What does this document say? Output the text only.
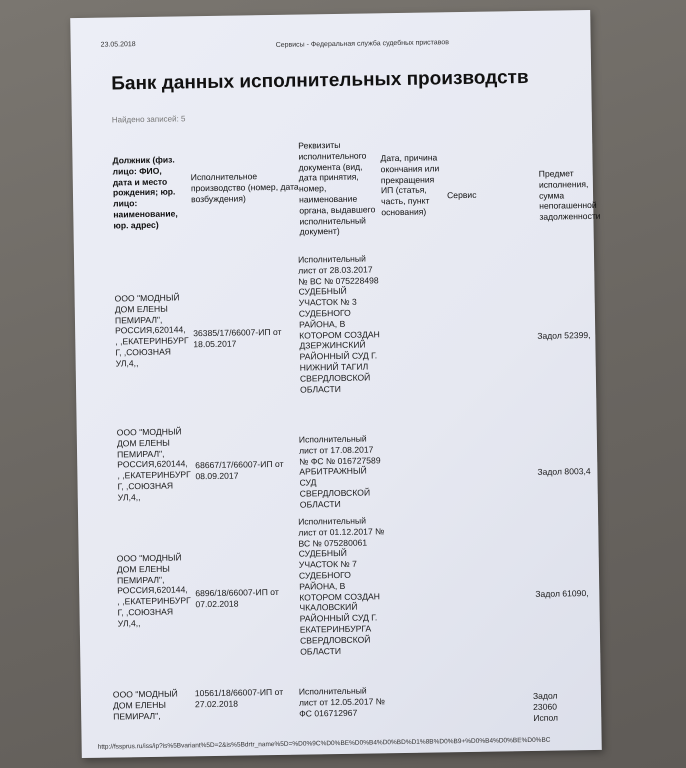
23.05.2018	Сервисы - Федеральная служба судебных приставов
Банк данных исполнительных производств
Найдено записей: 5
Должник (физ. лицо: ФИО, дата и место рождения; юр. лицо: наименование, юр. адрес)
Исполнительное производство (номер, дата возбуждения)
Реквизиты исполнительного документа (вид, дата принятия, номер, наименование органа, выдавшего исполнительный документ)
Дата, причина окончания или прекращения ИП (статья, часть, пункт основания)
Сервис
Предмет исполнения, сумма непогашенной задолженности
ООО "МОДНЫЙ ДОМ ЕЛЕНЫ ПЕМИРАЛ", РОССИЯ,620144, , ,ЕКАТЕРИНБУРГ Г, ,СОЮЗНАЯ УЛ,4,,
36385/17/66007-ИП от 18.05.2017
Исполнительный лист от 28.03.2017 № ВС № 075228498 СУДЕБНЫЙ УЧАСТОК № 3 СУДЕБНОГО РАЙОНА, В КОТОРОМ СОЗДАН ДЗЕРЖИНСКИЙ РАЙОННЫЙ СУД Г. НИЖНИЙ ТАГИЛ СВЕРДЛОВСКОЙ ОБЛАСТИ
Задол 52399,
ООО "МОДНЫЙ ДОМ ЕЛЕНЫ ПЕМИРАЛ", РОССИЯ,620144, , ,ЕКАТЕРИНБУРГ Г, ,СОЮЗНАЯ УЛ,4,,
68667/17/66007-ИП от 08.09.2017
Исполнительный лист от 17.08.2017 № ФС № 016727589 АРБИТРАЖНЫЙ СУД СВЕРДЛОВСКОЙ ОБЛАСТИ
Задол 8003,4
ООО "МОДНЫЙ ДОМ ЕЛЕНЫ ПЕМИРАЛ", РОССИЯ,620144, , ,ЕКАТЕРИНБУРГ Г, ,СОЮЗНАЯ УЛ,4,,
6896/18/66007-ИП от 07.02.2018
Исполнительный лист от 01.12.2017 № ВС № 075280061 СУДЕБНЫЙ УЧАСТОК № 7 СУДЕБНОГО РАЙОНА, В КОТОРОМ СОЗДАН ЧКАЛОВСКИЙ РАЙОННЫЙ СУД Г. ЕКАТЕРИНБУРГА СВЕРДЛОВСКОЙ ОБЛАСТИ
Задол 61090,
ООО "МОДНЫЙ ДОМ ЕЛЕНЫ ПЕМИРАЛ",
10561/18/66007-ИП от 27.02.2018
Исполнительный лист от 12.05.2017 № ФС 016712967
Задол 23060 Испол
http://fssprus.ru/iss/ip?is%5Bvariant%5D=2&is%5Bdrtr_name%5D=%D0%9C%D0%BE%D0%B4%D0%BD%D1%8B%D0%B9+%D0%B4%D0%BE%D0%BC
